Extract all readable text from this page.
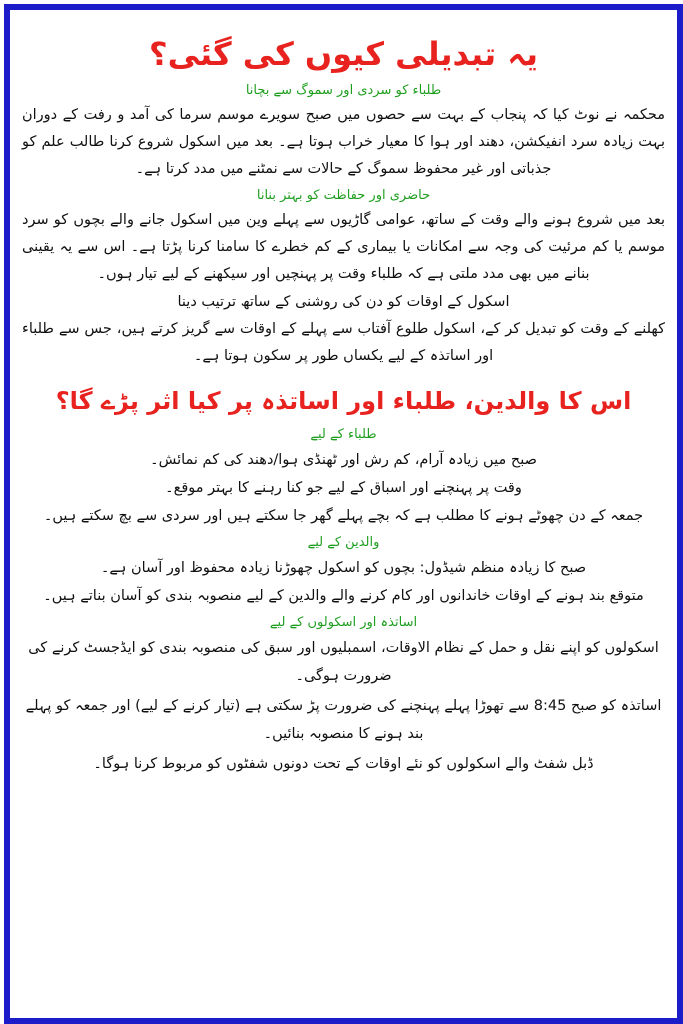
یہ تبدیلی کیوں کی گئی؟
طلباء کو سردی اور سموگ سے بچانا

محکمہ نے نوٹ کیا کہ پنجاب کے بہت سے حصوں میں صبح سویرے موسم سرما کی آمد و رفت کے دوران بہت زیادہ سرد انفیکشن، دھند اور ہوا کا معیار خراب ہوتا ہے۔ بعد میں اسکول شروع کرنا طالب علم کو جذباتی اور غیر محفوظ سموگ کے حالات سے نمٹنے میں مدد کرتا ہے۔

حاضری اور حفاظت کو بہتر بنانا

بعد میں شروع ہونے والے وقت کے ساتھ، عوامی گاڑیوں سے پہلے وین میں اسکول جانے والے بچوں کو سرد موسم یا کم مرئیت کی وجہ سے امکانات یا بیماری کے کم خطرے کا سامنا کرنا پڑتا ہے۔ اس سے یہ یقینی بنانے میں بھی مدد ملتی ہے کہ طلباء وقت پر پہنچیں اور سیکھنے کے لیے تیار ہوں۔

اسکول کے اوقات کو دن کی روشنی کے ساتھ ترتیب دینا

کھلنے کے وقت کو تبدیل کر کے، اسکول طلوع آفتاب سے پہلے کے اوقات سے گریز کرتے ہیں، جس سے طلباء اور اساتذہ کے لیے یکساں طور پر سکون ہوتا ہے۔

اس کا والدین، طلباء اور اساتذہ پر کیا اثر پڑے گا؟
طلباء کے لیے
صبح میں زیادہ آرام، کم رش اور ٹھنڈی ہوا/دھند کی کم نمائش۔
وقت پر پہنچنے اور اسباق کے لیے جو کنا رہنے کا بہتر موقع۔
جمعہ کے دن چھوٹے ہونے کا مطلب ہے کہ بچے پہلے گھر جا سکتے ہیں اور سردی سے بچ سکتے ہیں۔
والدین کے لیے
صبح کا زیادہ منظم شیڈول: بچوں کو اسکول چھوڑنا زیادہ محفوظ اور آسان ہے۔
متوقع بند ہونے کے اوقات خاندانوں اور کام کرنے والے والدین کے لیے منصوبہ بندی کو آسان بناتے ہیں۔
اساتذہ اور اسکولوں کے لیے
اسکولوں کو اپنے نقل و حمل کے نظام الاوقات، اسمبلیوں اور سبق کی منصوبہ بندی کو ایڈجسٹ کرنے کی ضرورت ہوگی۔
اساتذہ کو صبح 8:45 سے تھوڑا پہلے پہنچنے کی ضرورت پڑ سکتی ہے (تیار کرنے کے لیے) اور جمعہ کو پہلے بند ہونے کا منصوبہ بنائیں۔
ڈبل شفٹ والے اسکولوں کو نئے اوقات کے تحت دونوں شفٹوں کو مربوط کرنا ہوگا۔
